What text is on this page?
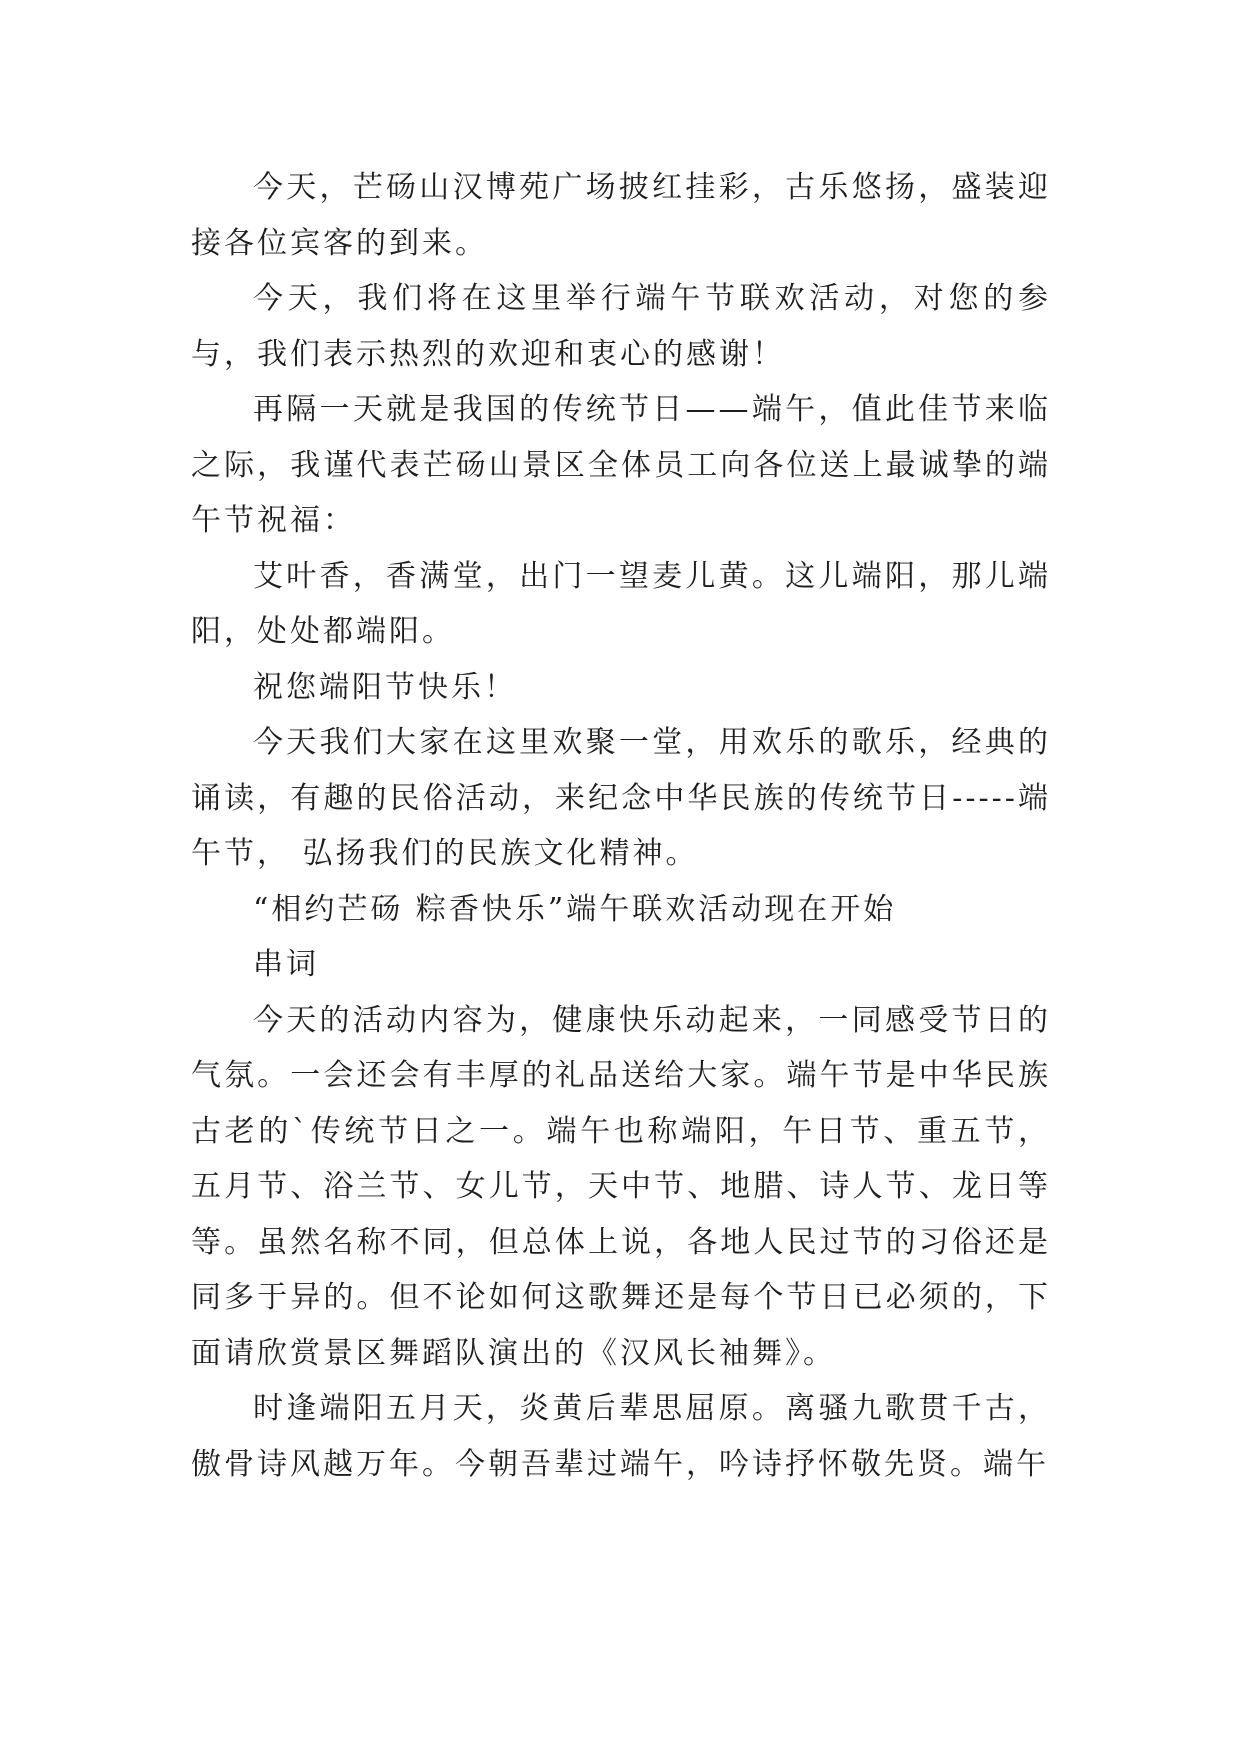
今天，芒砀山汉博苑广场披红挂彩，古乐悠扬，盛装迎接各位宾客的到来。

今天，我们将在这里举行端午节联欢活动，对您的参与，我们表示热烈的欢迎和衷心的感谢！

再隔一天就是我国的传统节日——端午，值此佳节来临之际，我谨代表芒砀山景区全体员工向各位送上最诚挚的端午节祝福：

艾叶香，香满堂，出门一望麦儿黄。这儿端阳，那儿端阳，处处都端阳。

祝您端阳节快乐！

今天我们大家在这里欢聚一堂，用欢乐的歌乐，经典的诵读，有趣的民俗活动，来纪念中华民族的传统节日-----端午节， 弘扬我们的民族文化精神。

“相约芒砀 粽香快乐”端午联欢活动现在开始

串词

今天的活动内容为，健康快乐动起来，一同感受节日的气氛。一会还会有丰厚的礼品送给大家。端午节是中华民族古老的`传统节日之一。端午也称端阳，午日节、重五节，五月节、浴兰节、女儿节，天中节、地腊、诗人节、龙日等等。虽然名称不同，但总体上说，各地人民过节的习俗还是同多于异的。但不论如何这歌舞还是每个节日已必须的，下面请欣赏景区舞蹈队演出的《汉风长袖舞》。

时逢端阳五月天，炎黄后辈思屈原。离骚九歌贯千古，傲骨诗风越万年。今朝吾辈过端午，吟诗抒怀敬先贤。端午
